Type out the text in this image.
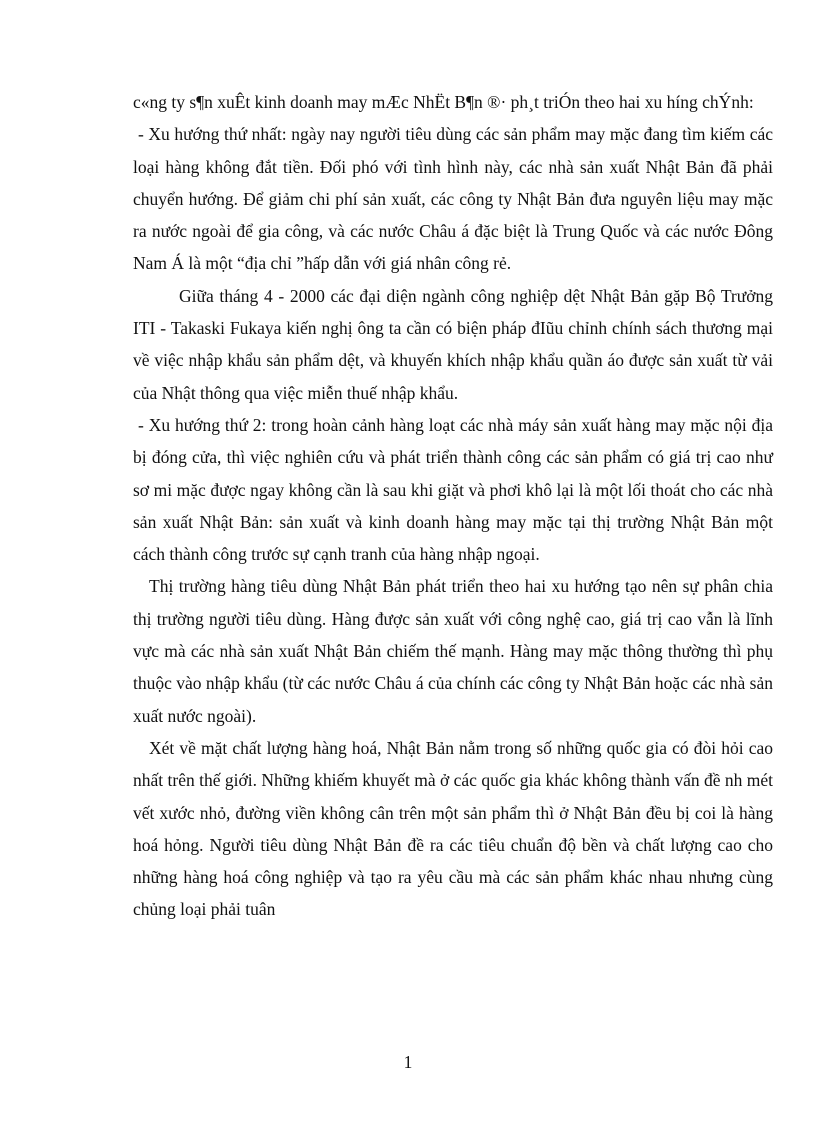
c«ng ty s¶n xuÊt kinh doanh may mÆc NhËt B¶n ®· ph¸t triÓn theo hai xu híng chÝnh:

- Xu hướng thứ nhất: ngày nay người tiêu dùng các sản phẩm may mặc đang tìm kiếm các loại hàng không đắt tiền. Đối phó với tình hình này, các nhà sản xuất Nhật Bản đã phải chuyển hướng. Để giảm chi phí sản xuất, các công ty Nhật Bản đưa nguyên liệu may mặc ra nước ngoài để gia công, và các nước Châu á đặc biệt là Trung Quốc và các nước Đông Nam Á là một “địa chỉ ”hấp dẫn với giá nhân công rẻ.

Giữa tháng 4 - 2000 các đại diện ngành công nghiệp dệt Nhật Bản gặp Bộ Trưởng ITI - Takaski Fukaya kiến nghị ông ta cần có biện pháp đIũu chỉnh chính sách thương mại về việc nhập khẩu sản phẩm dệt, và khuyến khích nhập khẩu quần áo được sản xuất từ vải của Nhật thông qua việc miễn thuế nhập khẩu.

- Xu hướng thứ 2: trong hoàn cảnh hàng loạt các nhà máy sản xuất hàng may mặc nội địa bị đóng cửa, thì việc nghiên cứu và phát triển thành công các sản phẩm có giá trị cao như sơ mi mặc được ngay không cần là sau khi giặt và phơi khô lại là một lối thoát cho các nhà sản xuất Nhật Bản: sản xuất và kinh doanh hàng may mặc tại thị trường Nhật Bản một cách thành công trước sự cạnh tranh của hàng nhập ngoại.

Thị trường hàng tiêu dùng Nhật Bản phát triển theo hai xu hướng tạo nên sự phân chia thị trường người tiêu dùng. Hàng được sản xuất với công nghệ cao, giá trị cao vẫn là lĩnh vực mà các nhà sản xuất Nhật Bản chiếm thế mạnh. Hàng may mặc thông thường thì phụ thuộc vào nhập khẩu (từ các nước Châu á của chính các công ty Nhật Bản hoặc các nhà sản xuất nước ngoài).

Xét về mặt chất lượng hàng hoá, Nhật Bản nằm trong số những quốc gia có đòi hỏi cao nhất trên thế giới. Những khiếm khuyết mà ở các quốc gia khác không thành vấn đề nh mét vết xước nhỏ, đường viền không cân trên một sản phẩm thì ở Nhật Bản đều bị coi là hàng hoá hỏng. Người tiêu dùng Nhật Bản đề ra các tiêu chuẩn độ bền và chất lượng cao cho những hàng hoá công nghiệp và tạo ra yêu cầu mà các sản phẩm khác nhau nhưng cùng chủng loại phải tuân

1
